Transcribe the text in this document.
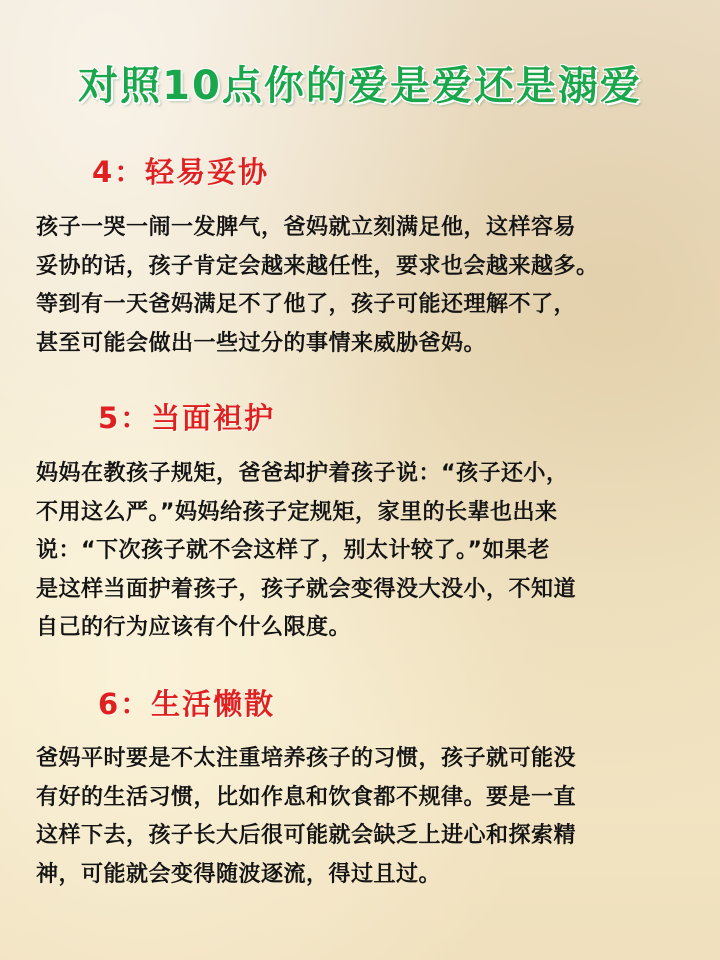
对照10点你的爱是爱还是溺爱
4：轻易妥协
孩子一哭一闹一发脾气，爸妈就立刻满足他，这样容易
妥协的话，孩子肯定会越来越任性，要求也会越来越多。
等到有一天爸妈满足不了他了，孩子可能还理解不了，
甚至可能会做出一些过分的事情来威胁爸妈。
5：当面袒护
妈妈在教孩子规矩，爸爸却护着孩子说：“孩子还小，
不用这么严。”妈妈给孩子定规矩，家里的长辈也出来
说：“下次孩子就不会这样了，别太计较了。”如果老
是这样当面护着孩子，孩子就会变得没大没小，不知道
自己的行为应该有个什么限度。
6：生活懒散
爸妈平时要是不太注重培养孩子的习惯，孩子就可能没
有好的生活习惯，比如作息和饮食都不规律。要是一直
这样下去，孩子长大后很可能就会缺乏上进心和探索精
神，可能就会变得随波逐流，得过且过。
